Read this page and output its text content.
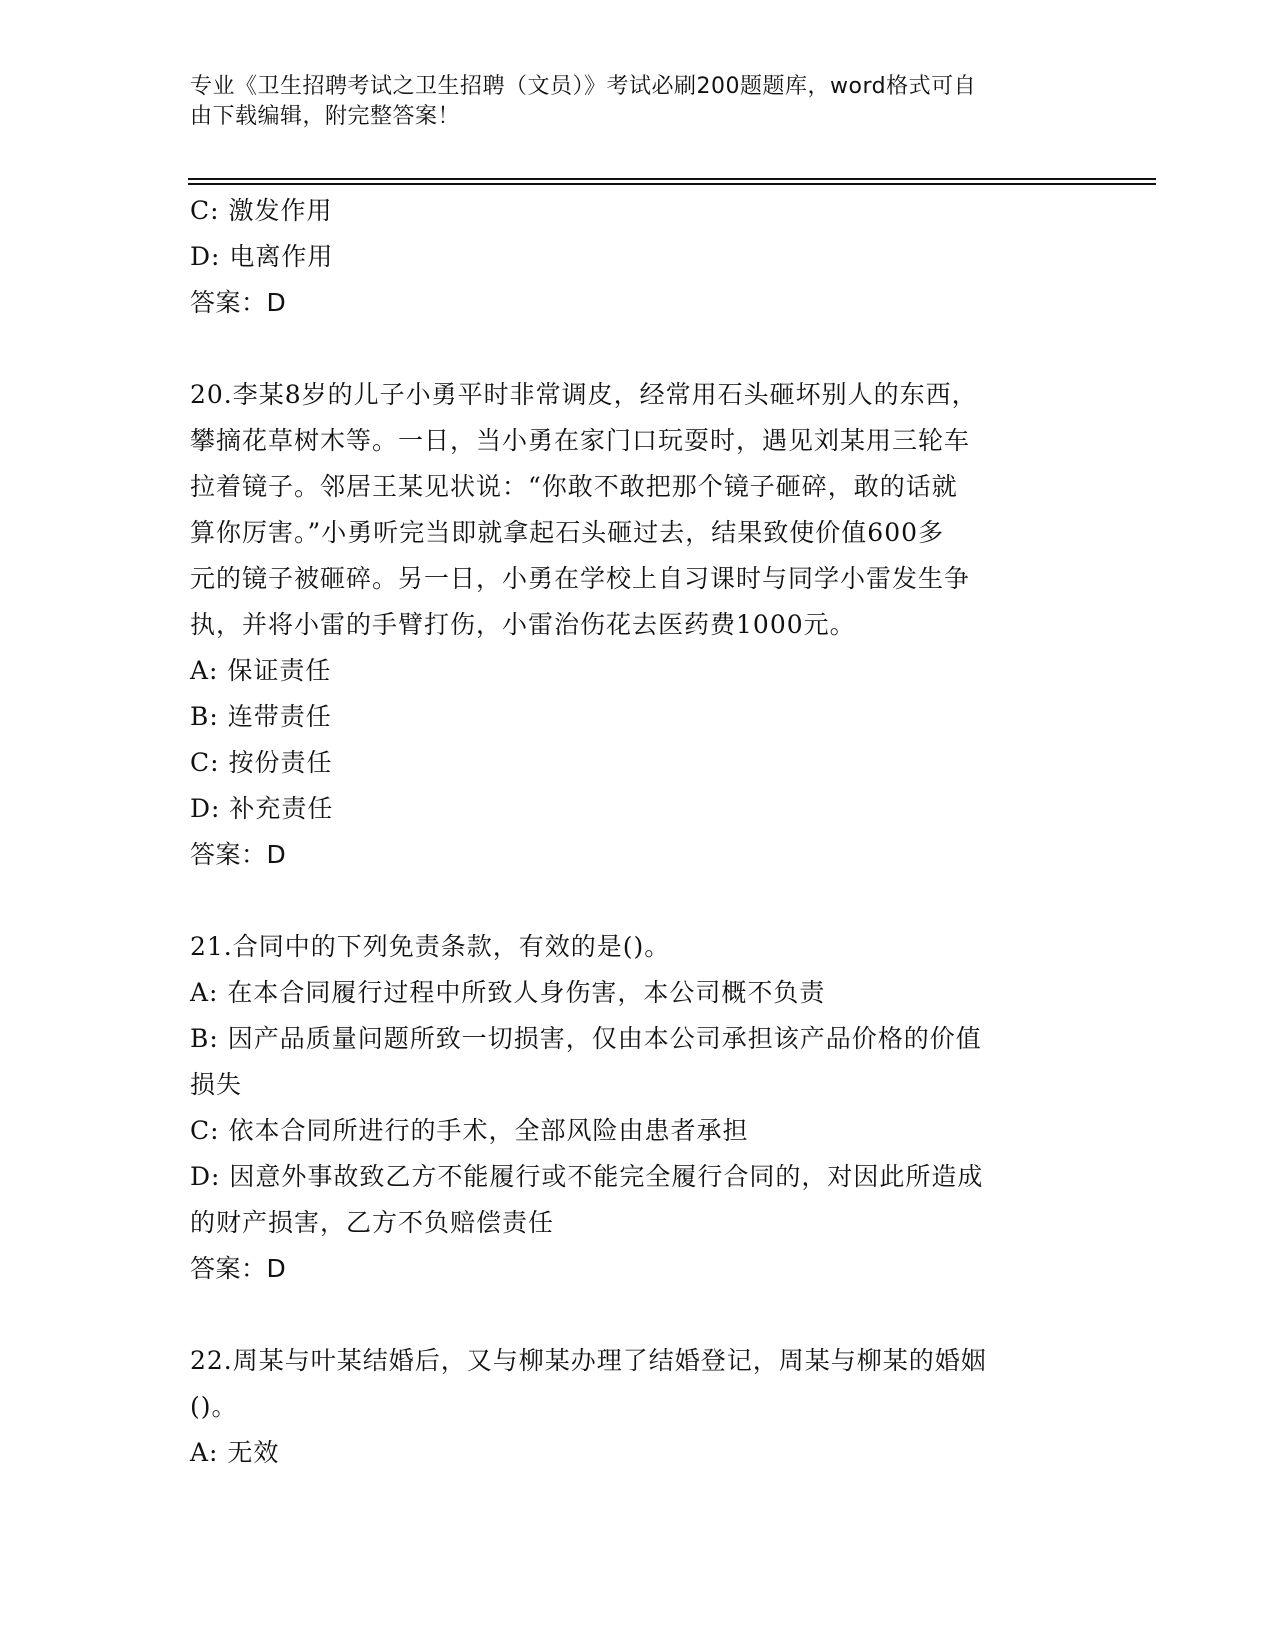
专业《卫生招聘考试之卫生招聘（文员）》考试必刷200题题库，word格式可自
由下载编辑，附完整答案！
C: 激发作用
D: 电离作用
答案：D
20.李某8岁的儿子小勇平时非常调皮，经常用石头砸坏别人的东西，
攀摘花草树木等。一日，当小勇在家门口玩耍时，遇见刘某用三轮车
拉着镜子。邻居王某见状说：“你敢不敢把那个镜子砸碎，敢的话就
算你厉害。”小勇听完当即就拿起石头砸过去，结果致使价值600多
元的镜子被砸碎。另一日，小勇在学校上自习课时与同学小雷发生争
执，并将小雷的手臂打伤，小雷治伤花去医药费1000元。
A: 保证责任
B: 连带责任
C: 按份责任
D: 补充责任
答案：D
21.合同中的下列免责条款，有效的是()。
A: 在本合同履行过程中所致人身伤害，本公司概不负责
B: 因产品质量问题所致一切损害，仅由本公司承担该产品价格的价值
损失
C: 依本合同所进行的手术，全部风险由患者承担
D: 因意外事故致乙方不能履行或不能完全履行合同的，对因此所造成
的财产损害，乙方不负赔偿责任
答案：D
22.周某与叶某结婚后，又与柳某办理了结婚登记，周某与柳某的婚姻
()。
A: 无效
